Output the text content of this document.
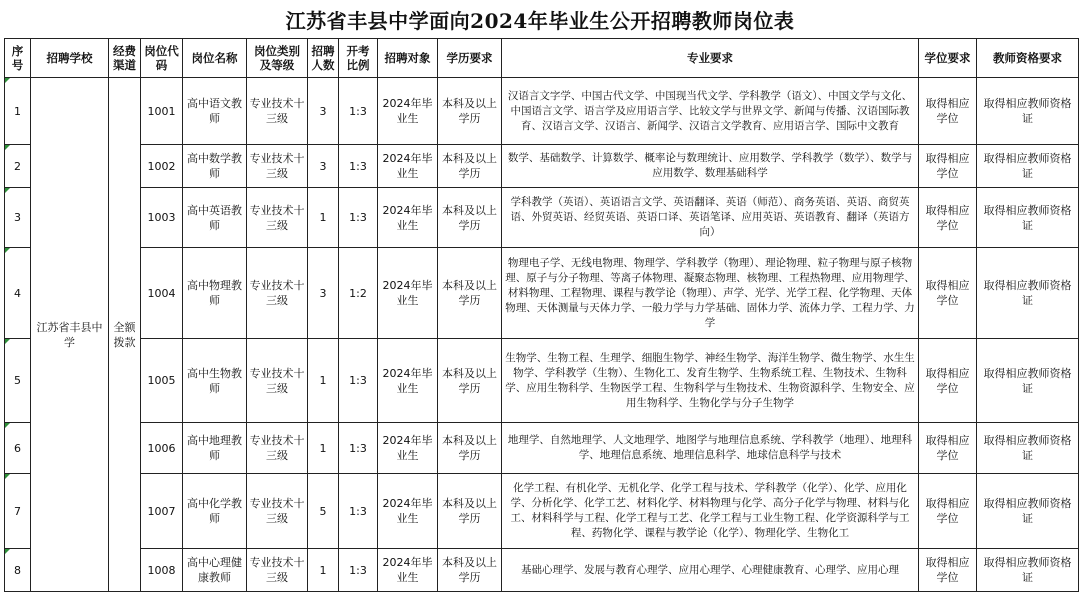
江苏省丰县中学面向2024年毕业生公开招聘教师岗位表
序号	招聘学校	经费渠道	岗位代码	岗位名称	岗位类别及等级	招聘人数	开考比例	招聘对象	学历要求	专业要求	学位要求	教师资格要求

1	江苏省丰县中学	全额拨款	1001	高中语文教师	专业技术十三级	3	1:3	2024年毕业生	本科及以上学历	汉语言文字学、中国古代文学、中国现当代文学、学科教学（语文）、中国文学与文化、中国语言文学、语言学及应用语言学、比较文学与世界文学、新闻与传播、汉语国际教育、汉语言文学、汉语言、新闻学、汉语言文学教育、应用语言学、国际中文教育	取得相应学位	取得相应教师资格证

2			1002	高中数学教师	专业技术十三级	3	1:3	2024年毕业生	本科及以上学历	数学、基础数学、计算数学、概率论与数理统计、应用数学、学科教学（数学）、数学与应用数学、数理基础科学	取得相应学位	取得相应教师资格证

3			1003	高中英语教师	专业技术十三级	1	1:3	2024年毕业生	本科及以上学历	学科教学（英语）、英语语言文学、英语翻译、英语（师范）、商务英语、英语、商贸英语、外贸英语、经贸英语、英语口译、英语笔译、应用英语、英语教育、翻译（英语方向）	取得相应学位	取得相应教师资格证

4			1004	高中物理教师	专业技术十三级	3	1:2	2024年毕业生	本科及以上学历	物理电子学、无线电物理、物理学、学科教学（物理）、理论物理、粒子物理与原子核物理、原子与分子物理、等离子体物理、凝聚态物理、核物理、工程热物理、应用物理学、材料物理、工程物理、课程与教学论（物理）、声学、光学、光学工程、化学物理、天体物理、天体测量与天体力学、一般力学与力学基础、固体力学、流体力学、工程力学、力学	取得相应学位	取得相应教师资格证

5			1005	高中生物教师	专业技术十三级	1	1:3	2024年毕业生	本科及以上学历	生物学、生物工程、生理学、细胞生物学、神经生物学、海洋生物学、微生物学、水生生物学、学科教学（生物）、生物化工、发育生物学、生物系统工程、生物技术、生物科学、应用生物科学、生物医学工程、生物科学与生物技术、生物资源科学、生物安全、应用生物科学、生物化学与分子生物学	取得相应学位	取得相应教师资格证

6			1006	高中地理教师	专业技术十三级	1	1:3	2024年毕业生	本科及以上学历	地理学、自然地理学、人文地理学、地图学与地理信息系统、学科教学（地理）、地理科学、地理信息系统、地理信息科学、地球信息科学与技术	取得相应学位	取得相应教师资格证

7			1007	高中化学教师	专业技术十三级	5	1:3	2024年毕业生	本科及以上学历	化学工程、有机化学、无机化学、化学工程与技术、学科教学（化学）、化学、应用化学、分析化学、化学工艺、材料化学、材料物理与化学、高分子化学与物理、材料与化工、材料科学与工程、化学工程与工艺、化学工程与工业生物工程、化学资源科学与工程、药物化学、课程与教学论（化学）、物理化学、生物化工	取得相应学位	取得相应教师资格证

8			1008	高中心理健康教师	专业技术十三级	1	1:3	2024年毕业生	本科及以上学历	基础心理学、发展与教育心理学、应用心理学、心理健康教育、心理学、应用心理	取得相应学位	取得相应教师资格证
